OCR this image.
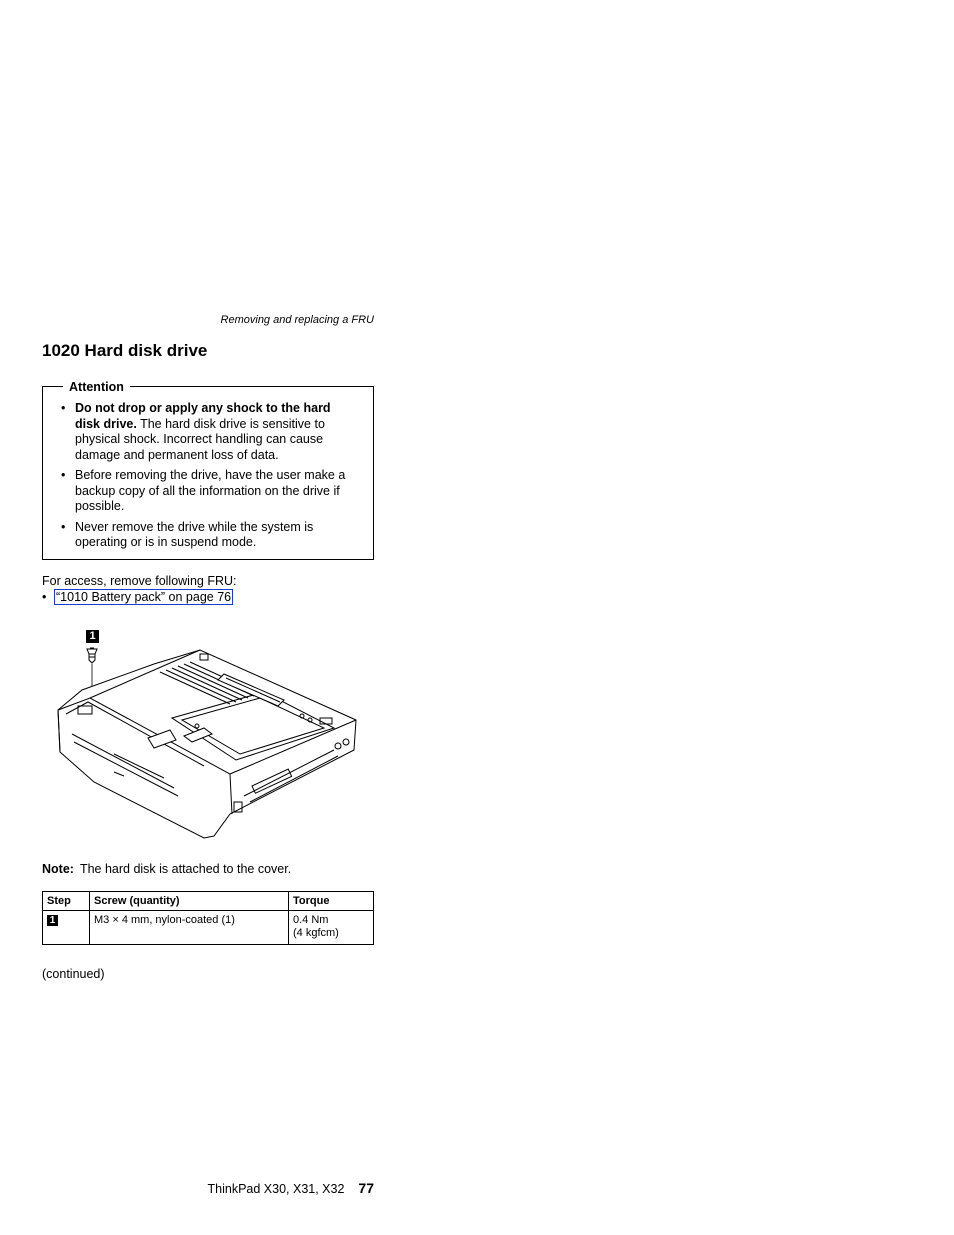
Removing and replacing a FRU
1020 Hard disk drive
Attention
• Do not drop or apply any shock to the hard disk drive. The hard disk drive is sensitive to physical shock. Incorrect handling can cause damage and permanent loss of data.
• Before removing the drive, have the user make a backup copy of all the information on the drive if possible.
• Never remove the drive while the system is operating or is in suspend mode.
For access, remove following FRU:
• “1010 Battery pack” on page 76
1
Note: The hard disk is attached to the cover.
Step	Screw (quantity)	Torque
1	M3 × 4 mm, nylon-coated (1)	0.4 Nm
(4 kgfcm)
(continued)
ThinkPad X30, X31, X32 77
